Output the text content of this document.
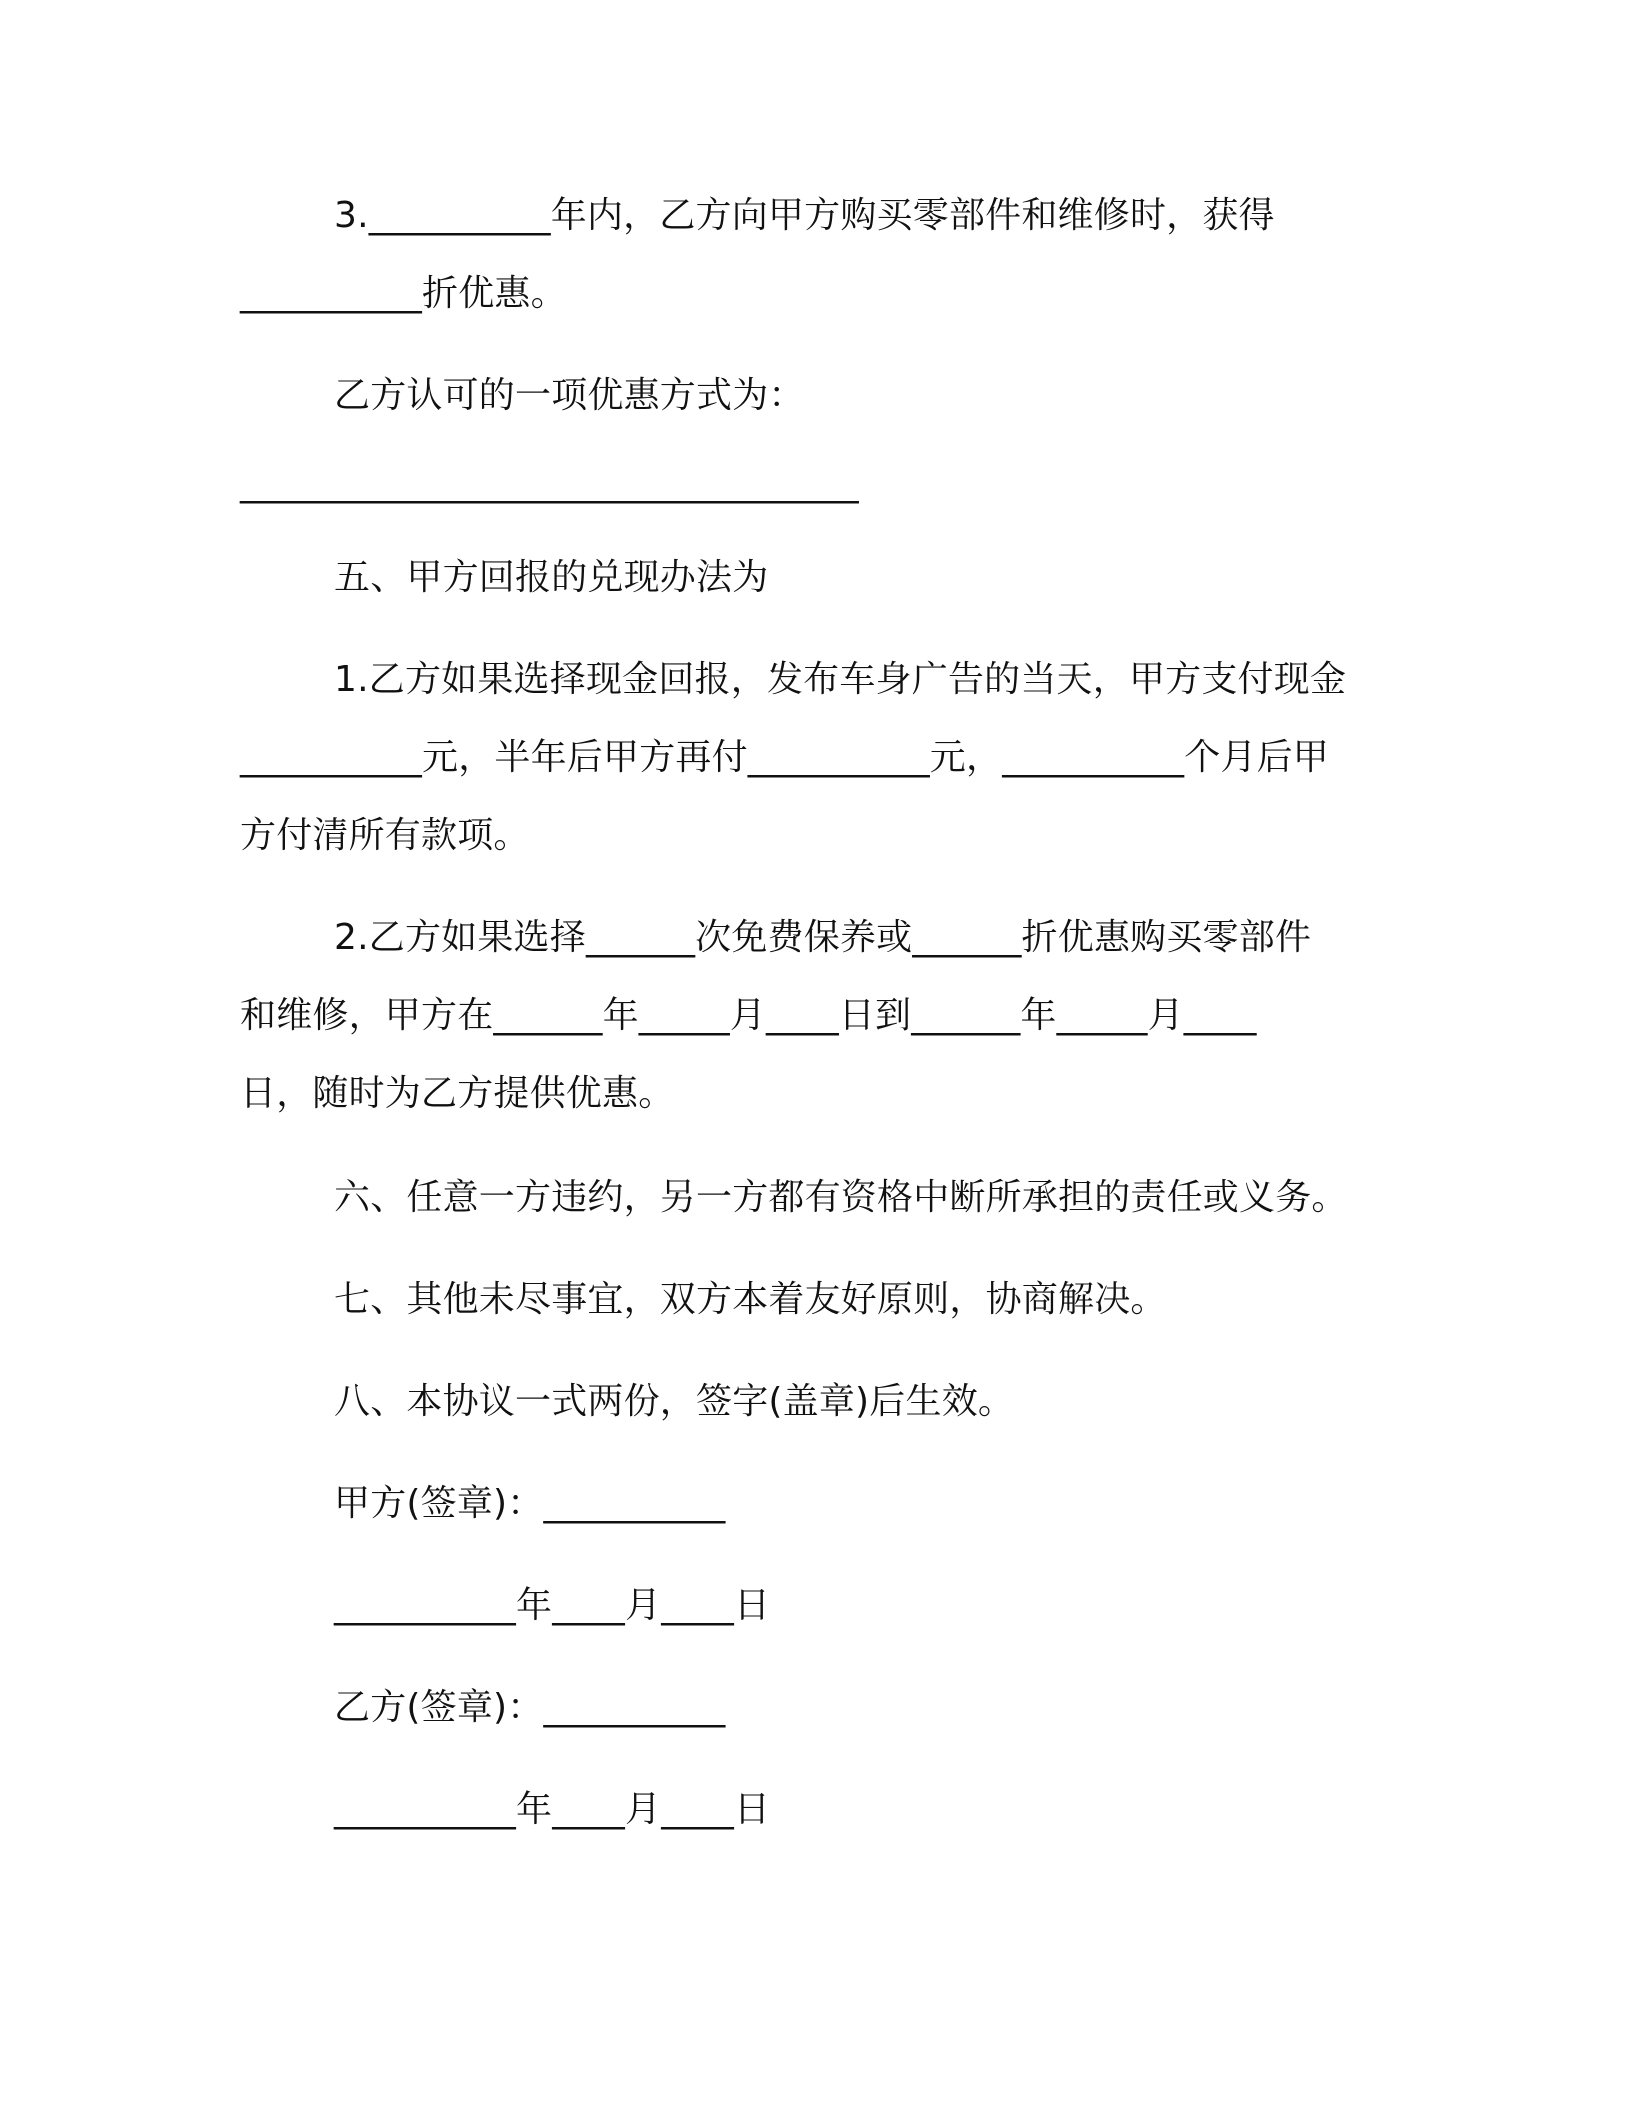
3.__________年内，乙方向甲方购买零部件和维修时，获得
__________折优惠。
乙方认可的一项优惠方式为：
__________________________________
五、甲方回报的兑现办法为
1.乙方如果选择现金回报，发布车身广告的当天，甲方支付现金
__________元，半年后甲方再付__________元，__________个月后甲
方付清所有款项。
2.乙方如果选择______次免费保养或______折优惠购买零部件
和维修，甲方在______年_____月____日到______年_____月____
日，随时为乙方提供优惠。
六、任意一方违约，另一方都有资格中断所承担的责任或义务。
七、其他未尽事宜，双方本着友好原则，协商解决。
八、本协议一式两份，签字(盖章)后生效。
甲方(签章)：__________
__________年____月____日
乙方(签章)：__________
__________年____月____日
